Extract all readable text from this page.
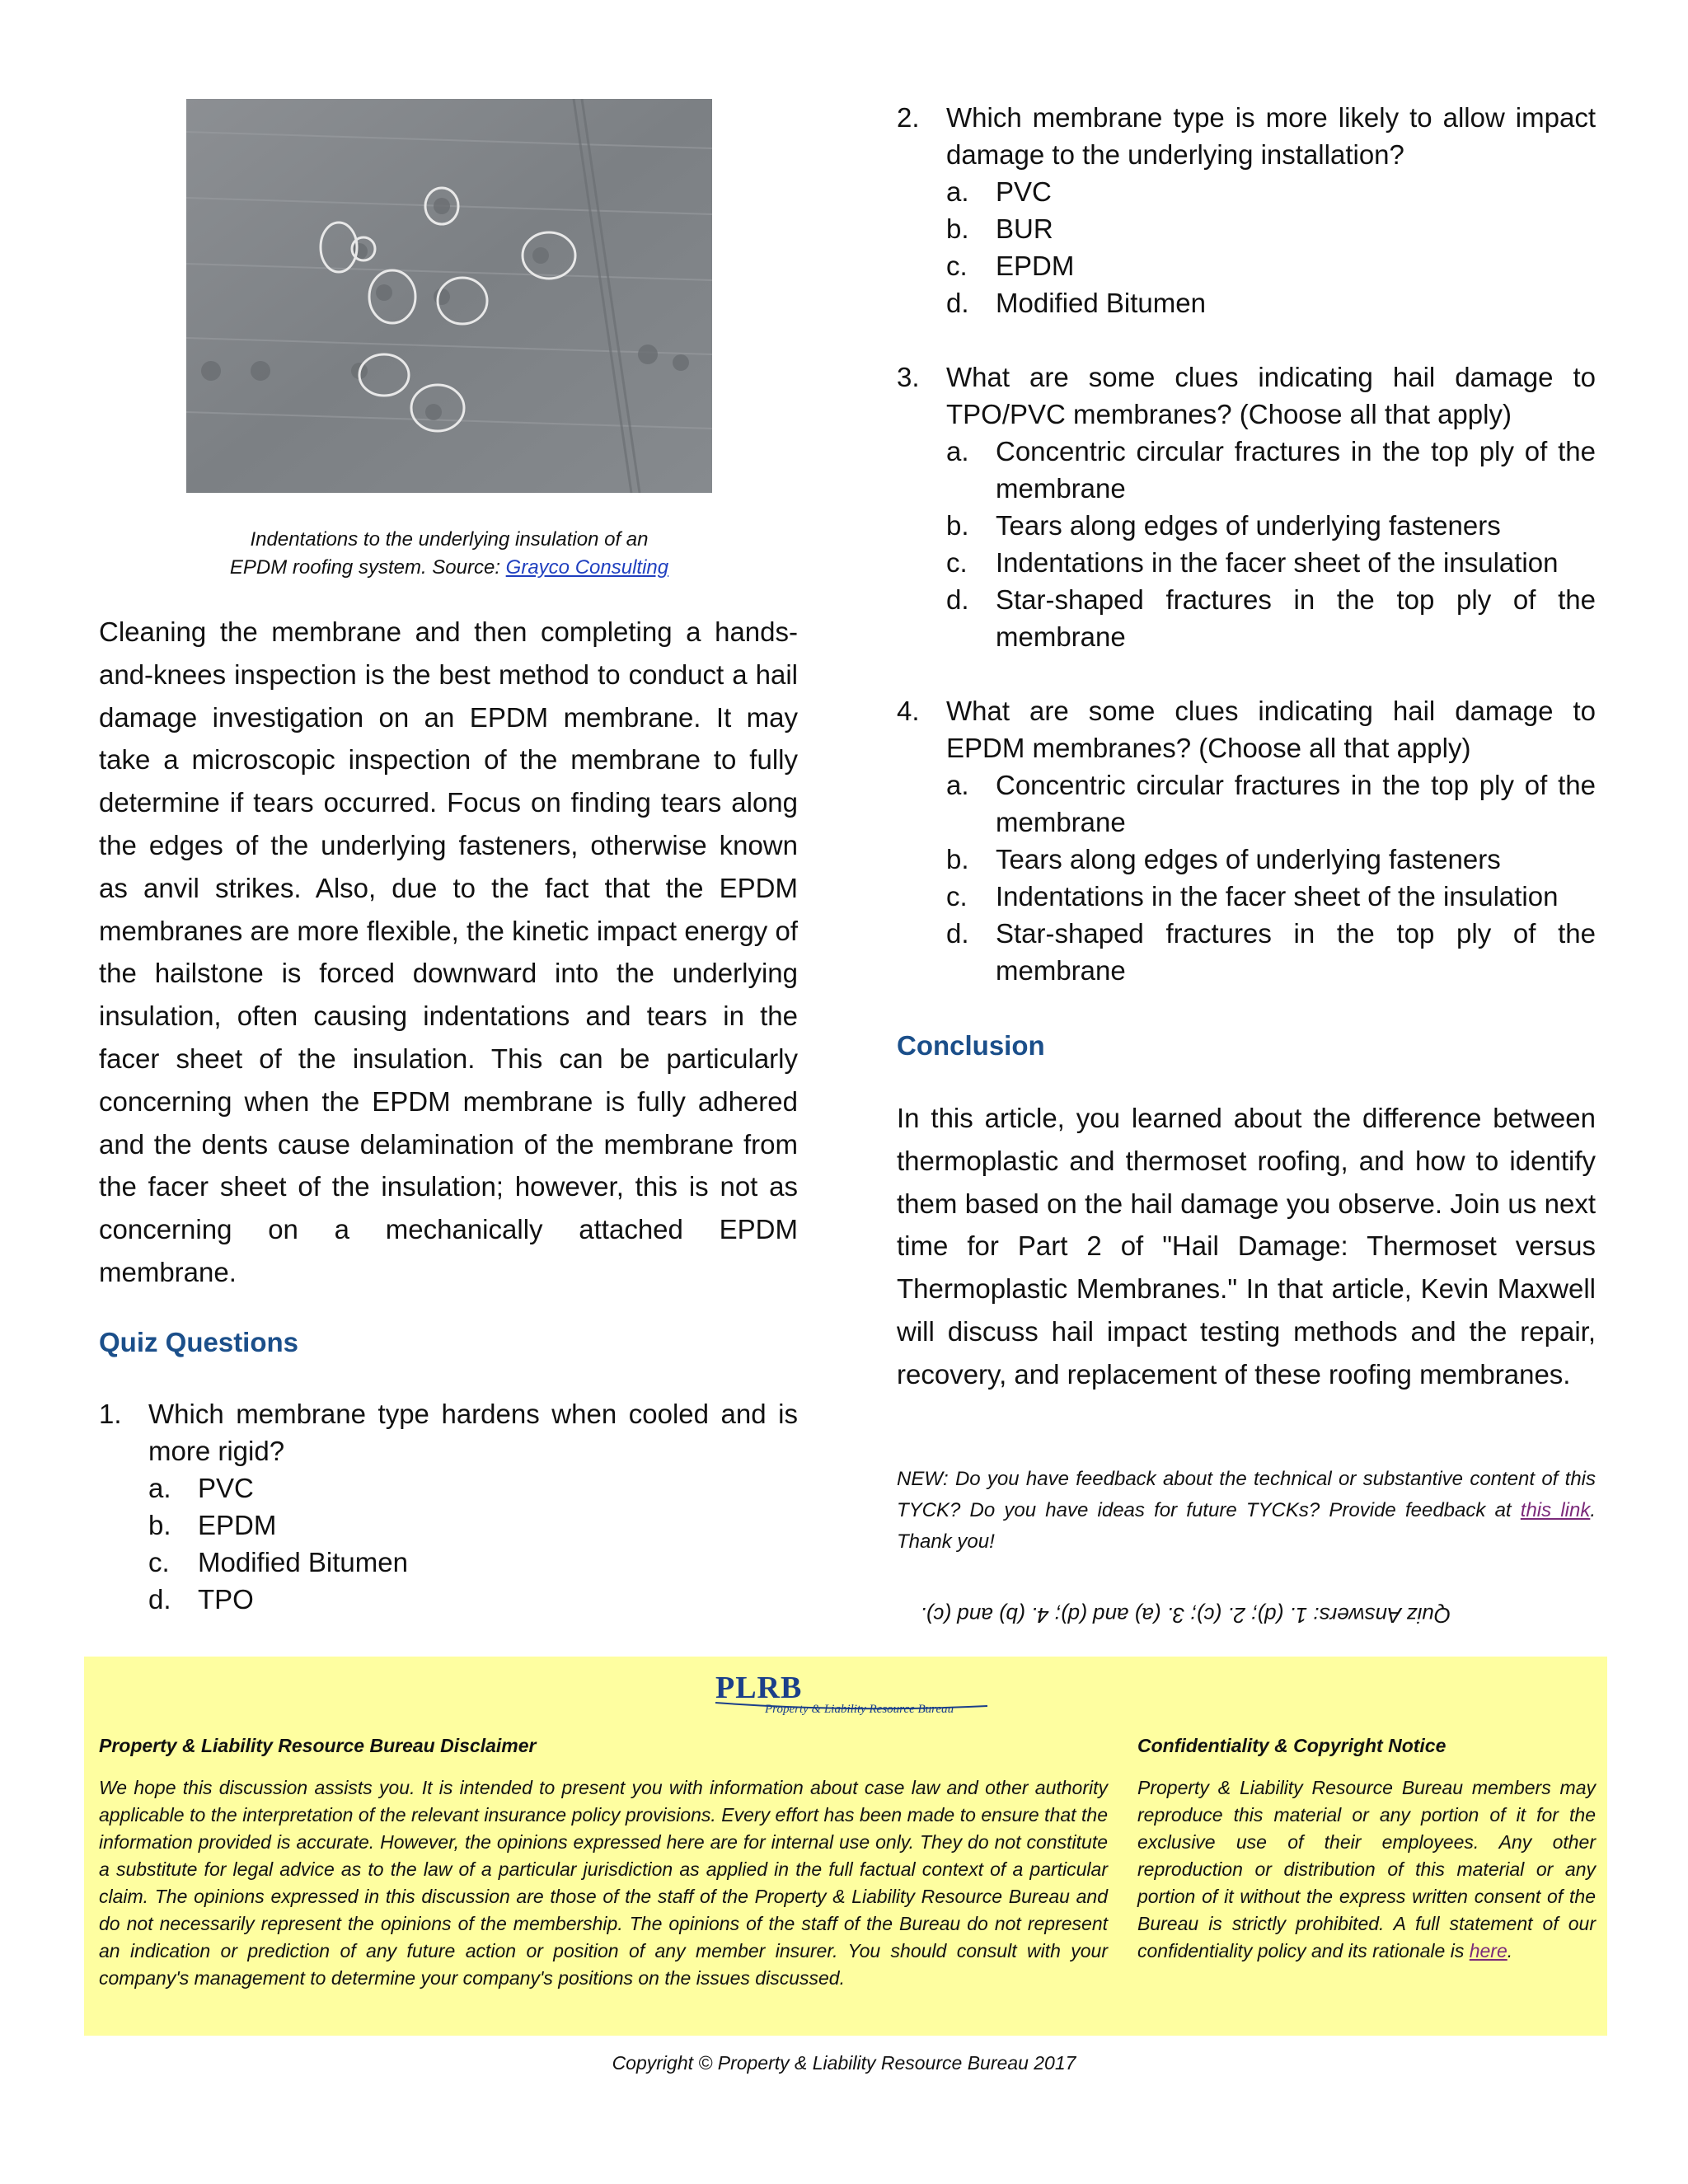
Indentations to the underlying insulation of an
EPDM roofing system. Source: Grayco Consulting
Cleaning the membrane and then completing a hands-and-knees inspection is the best method to conduct a hail damage investigation on an EPDM membrane. It may take a microscopic inspection of the membrane to fully determine if tears occurred. Focus on finding tears along the edges of the underlying fasteners, otherwise known as anvil strikes. Also, due to the fact that the EPDM membranes are more flexible, the kinetic impact energy of the hailstone is forced downward into the underlying insulation, often causing indentations and tears in the facer sheet of the insulation. This can be particularly concerning when the EPDM membrane is fully adhered and the dents cause delamination of the membrane from the facer sheet of the insulation; however, this is not as concerning on a mechanically attached EPDM membrane.
Quiz Questions
1. Which membrane type hardens when cooled and is more rigid?
a. PVC
b. EPDM
c. Modified Bitumen
d. TPO
2. Which membrane type is more likely to allow impact damage to the underlying installation?
a. PVC
b. BUR
c. EPDM
d. Modified Bitumen
3. What are some clues indicating hail damage to TPO/PVC membranes? (Choose all that apply)
a. Concentric circular fractures in the top ply of the membrane
b. Tears along edges of underlying fasteners
c. Indentations in the facer sheet of the insulation
d. Star-shaped fractures in the top ply of the membrane
4. What are some clues indicating hail damage to EPDM membranes? (Choose all that apply)
a. Concentric circular fractures in the top ply of the membrane
b. Tears along edges of underlying fasteners
c. Indentations in the facer sheet of the insulation
d. Star-shaped fractures in the top ply of the membrane
Conclusion
In this article, you learned about the difference between thermoplastic and thermoset roofing, and how to identify them based on the hail damage you observe. Join us next time for Part 2 of "Hail Damage: Thermoset versus Thermoplastic Membranes." In that article, Kevin Maxwell will discuss hail impact testing methods and the repair, recovery, and replacement of these roofing membranes.
NEW: Do you have feedback about the technical or substantive content of this TYCK? Do you have ideas for future TYCKs? Provide feedback at this link. Thank you!
Quiz Answers: 1. (d); 2. (c); 3. (a) and (d); 4. (b) and (c).
PLRB
Property & Liability Resource Bureau
Property & Liability Resource Bureau Disclaimer
We hope this discussion assists you. It is intended to present you with information about case law and other authority applicable to the interpretation of the relevant insurance policy provisions. Every effort has been made to ensure that the information provided is accurate. However, the opinions expressed here are for internal use only. They do not constitute a substitute for legal advice as to the law of a particular jurisdiction as applied in the full factual context of a particular claim. The opinions expressed in this discussion are those of the staff of the Property & Liability Resource Bureau and do not necessarily represent the opinions of the membership. The opinions of the staff of the Bureau do not represent an indication or prediction of any future action or position of any member insurer. You should consult with your company's management to determine your company's positions on the issues discussed.
Confidentiality & Copyright Notice
Property & Liability Resource Bureau members may reproduce this material or any portion of it for the exclusive use of their employees. Any other reproduction or distribution of this material or any portion of it without the express written consent of the Bureau is strictly prohibited. A full statement of our confidentiality policy and its rationale is here.
Copyright © Property & Liability Resource Bureau 2017
